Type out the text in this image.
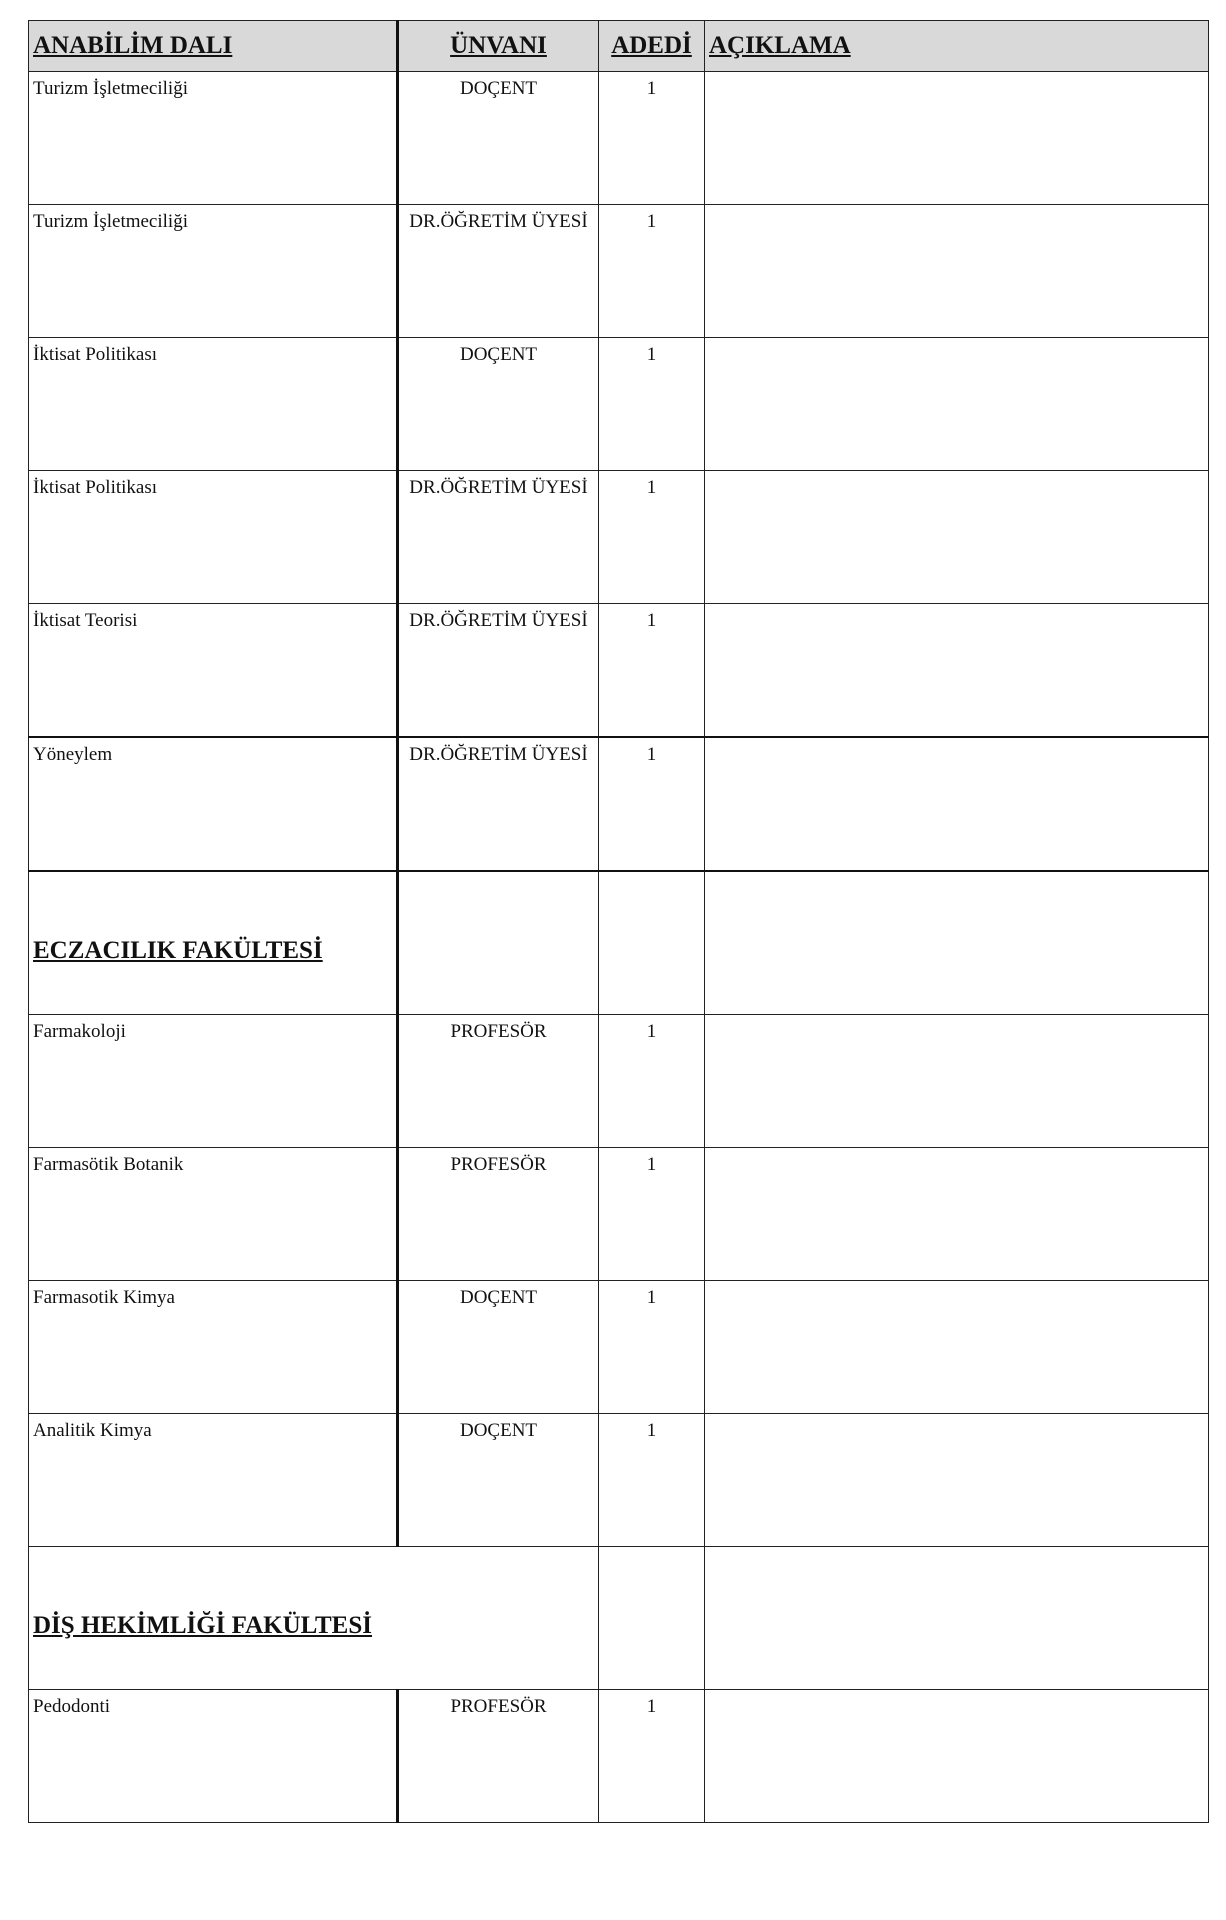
ANABİLİM DALI	ÜNVANI	ADEDİ	AÇIKLAMA
Turizm İşletmeciliği	DOÇENT	1	
Turizm İşletmeciliği	DR.ÖĞRETİM ÜYESİ	1	
İktisat Politikası	DOÇENT	1	
İktisat Politikası	DR.ÖĞRETİM ÜYESİ	1	
İktisat Teorisi	DR.ÖĞRETİM ÜYESİ	1	
Yöneylem	DR.ÖĞRETİM ÜYESİ	1	
ECZACILIK FAKÜLTESİ			
Farmakoloji	PROFESÖR	1	
Farmasötik Botanik	PROFESÖR	1	
Farmasotik Kimya	DOÇENT	1	
Analitik Kimya	DOÇENT	1	
DİŞ HEKİMLİĞİ FAKÜLTESİ			
Pedodonti	PROFESÖR	1	
